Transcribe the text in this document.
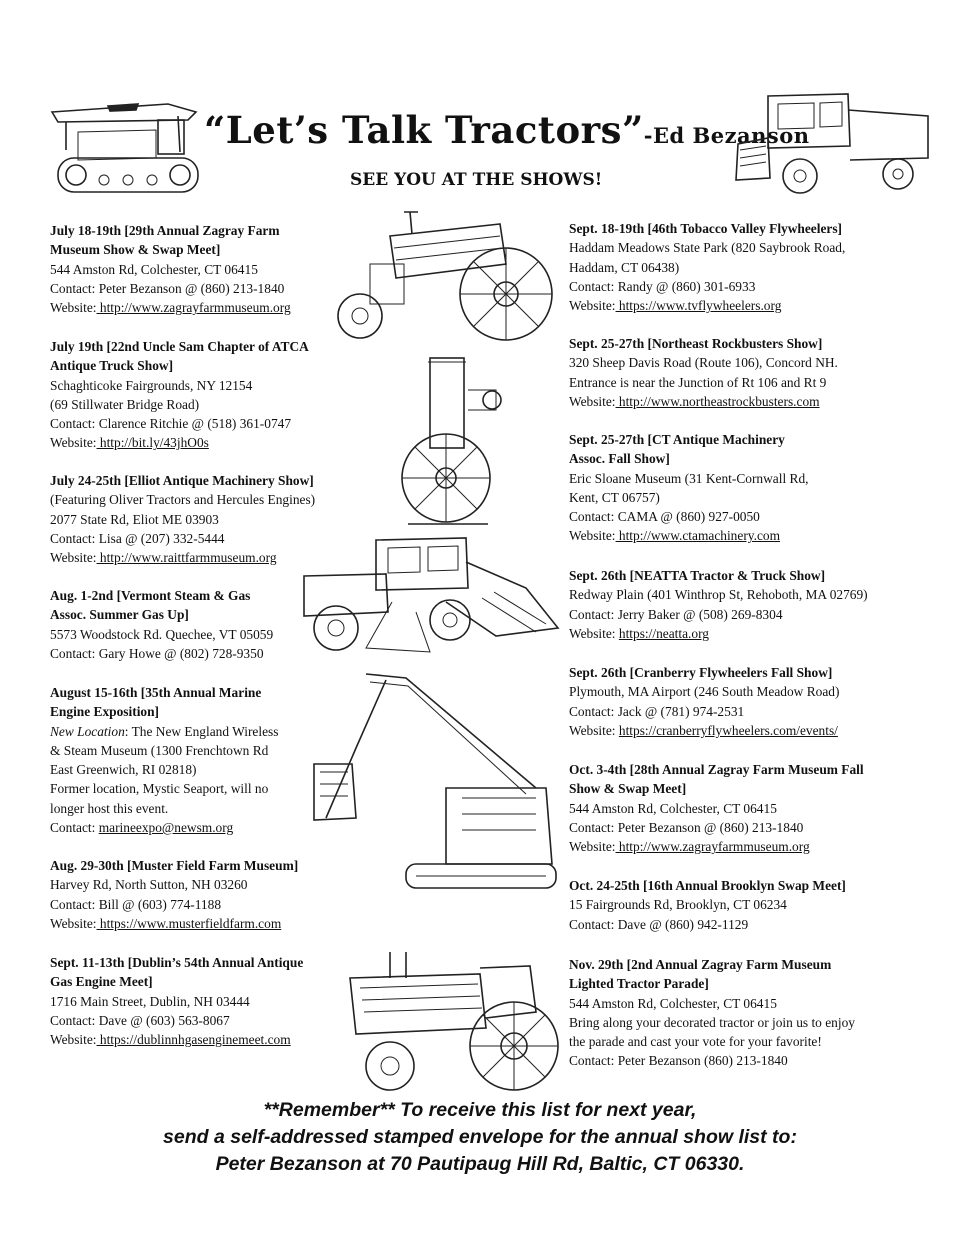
“Let’s Talk Tractors”-Ed Bezanson
SEE YOU AT THE SHOWS!
July 18-19th [29th Annual Zagray Farm
Museum Show & Swap Meet]
544 Amston Rd, Colchester, CT 06415
Contact: Peter Bezanson @ (860) 213-1840
Website: http://www.zagrayfarmmuseum.org
July 19th [22nd Uncle Sam Chapter of ATCA
Antique Truck Show]
Schaghticoke Fairgrounds, NY 12154
(69 Stillwater Bridge Road)
Contact: Clarence Ritchie @ (518) 361-0747
Website: http://bit.ly/43jhO0s
July 24-25th [Elliot Antique Machinery Show]
(Featuring Oliver Tractors and Hercules Engines)
2077 State Rd, Eliot ME 03903
Contact: Lisa @ (207) 332-5444
Website: http://www.raittfarmmuseum.org
Aug. 1-2nd [Vermont Steam & Gas
Assoc. Summer Gas Up]
5573 Woodstock Rd. Quechee, VT 05059
Contact: Gary Howe @ (802) 728-9350
August 15-16th [35th Annual Marine
Engine Exposition]
New Location: The New England Wireless
& Steam Museum (1300 Frenchtown Rd
East Greenwich, RI 02818)
Former location, Mystic Seaport, will no
longer host this event.
Contact: marineexpo@newsm.org
Aug. 29-30th [Muster Field Farm Museum]
Harvey Rd, North Sutton, NH 03260
Contact: Bill @ (603) 774-1188
Website: https://www.musterfieldfarm.com
Sept. 11-13th [Dublin’s 54th Annual Antique
Gas Engine Meet]
1716 Main Street, Dublin, NH 03444
Contact: Dave @ (603) 563-8067
Website: https://dublinnhgasenginemeet.com
Sept. 18-19th [46th Tobacco Valley Flywheelers]
Haddam Meadows State Park (820 Saybrook Road,
Haddam, CT 06438)
Contact: Randy @ (860) 301-6933
Website: https://www.tvflywheelers.org
Sept. 25-27th [Northeast Rockbusters Show]
320 Sheep Davis Road (Route 106), Concord NH.
Entrance is near the Junction of Rt 106 and Rt 9
Website: http://www.northeastrockbusters.com
Sept. 25-27th [CT Antique Machinery
Assoc. Fall Show]
Eric Sloane Museum (31 Kent-Cornwall Rd,
Kent, CT 06757)
Contact: CAMA @ (860) 927-0050
Website: http://www.ctamachinery.com
Sept. 26th [NEATTA Tractor & Truck Show]
Redway Plain (401 Winthrop St, Rehoboth, MA 02769)
Contact: Jerry Baker @ (508) 269-8304
Website: https://neatta.org
Sept. 26th [Cranberry Flywheelers Fall Show]
Plymouth, MA Airport (246 South Meadow Road)
Contact: Jack @ (781) 974-2531
Website: https://cranberryflywheelers.com/events/
Oct. 3-4th [28th Annual Zagray Farm Museum Fall
Show & Swap Meet]
544 Amston Rd, Colchester, CT 06415
Contact: Peter Bezanson @ (860) 213-1840
Website: http://www.zagrayfarmmuseum.org
Oct. 24-25th [16th Annual Brooklyn Swap Meet]
15 Fairgrounds Rd, Brooklyn, CT 06234
Contact: Dave @ (860) 942-1129
Nov. 29th [2nd Annual Zagray Farm Museum
Lighted Tractor Parade]
544 Amston Rd, Colchester, CT 06415
Bring along your decorated tractor or join us to enjoy
the parade and cast your vote for your favorite!
Contact: Peter Bezanson (860) 213-1840
**Remember** To receive this list for next year,
send a self-addressed stamped envelope for the annual show list to:
Peter Bezanson at 70 Pautipaug Hill Rd, Baltic, CT 06330.
